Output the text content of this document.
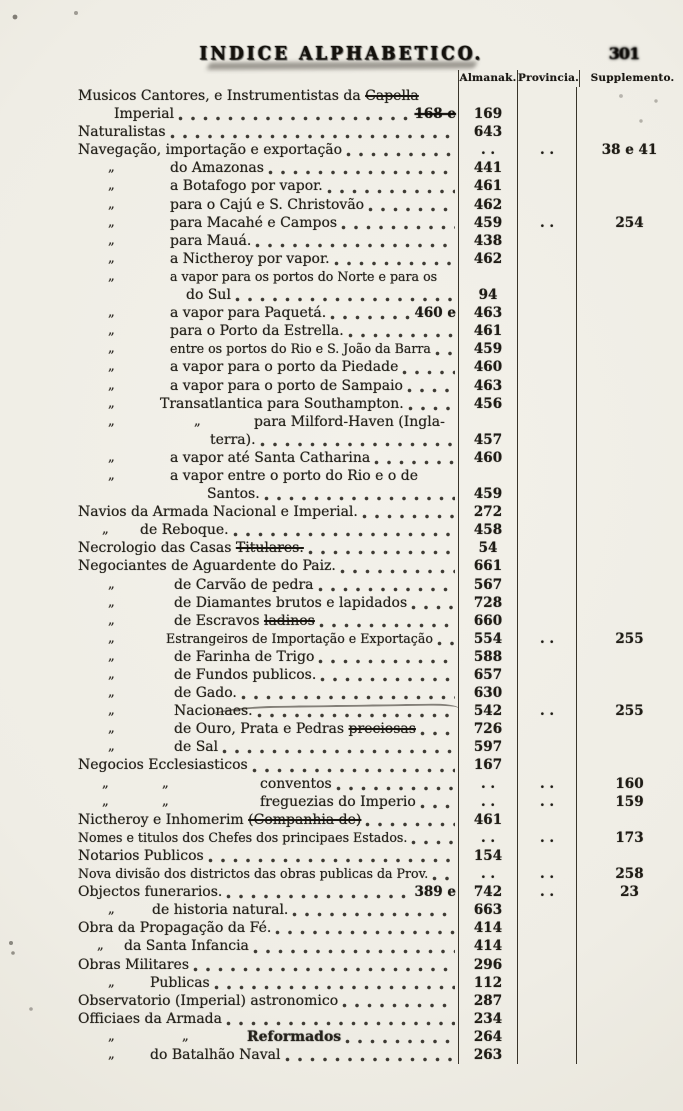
INDICE ALPHABETICO.	301
Almanak. Provincia.	Supplemento.
Musicos Cantores, e Instrumentistas da Capella
Imperial	168 e	169
Naturalistas	643
Navegação, importação e exportação	. .	. .	38 e 41
„	do Amazonas	441
„	a Botafogo por vapor.	461
„	para o Cajú e S. Christovão	462
„	para Macahé e Campos	459	. .	254
„	para Mauá.	438
„	a Nictheroy por vapor.	462
„	a vapor para os portos do Norte e para os
do Sul	94
„	a vapor para Paquetá.	460 e	463
„	para o Porto da Estrella.	461
„	entre os portos do Rio e S. João da Barra	459
„	a vapor para o porto da Piedade	460
„	a vapor para o porto de Sampaio	463
„	Transatlantica para Southampton.	456
„	„	para Milford-Haven (Ingla-
terra).	457
„	a vapor até Santa Catharina	460
„	a vapor entre o porto do Rio e o de
Santos.	459
Navios da Armada Nacional e Imperial.	272
„	de Reboque.	458
Necrologio das Casas Titulares.	54
Negociantes de Aguardente do Paiz.	661
„	de Carvão de pedra	567
„	de Diamantes brutos e lapidados	728
„	de Escravos ladinos	660
„	Estrangeiros de Importação e Exportação	554	. .	255
„	de Farinha de Trigo	588
„	de Fundos publicos.	657
„	de Gado.	630
„	Nacionaes.	542	. .	255
„	de Ouro, Prata e Pedras preciosas	726
„	de Sal	597
Negocios Ecclesiasticos	167
„	„	conventos	. .	. .	160
„	„	freguezias do Imperio	. .	. .	159
Nictheroy e Inhomerim (Companhia de)	461
Nomes e titulos dos Chefes dos principaes Estados.	. .	. .	173
Notarios Publicos	154
Nova divisão dos districtos das obras publicas da Prov.	. .	. .	258
Objectos funerarios.	389 e	742	. .	23
„	de historia natural.	663
Obra da Propagação da Fé.	414
„	da Santa Infancia	414
Obras Militares	296
„	Publicas	112
Observatorio (Imperial) astronomico	287
Officiaes da Armada	234
„	„	Reformados	264
„	do Batalhão Naval	263
